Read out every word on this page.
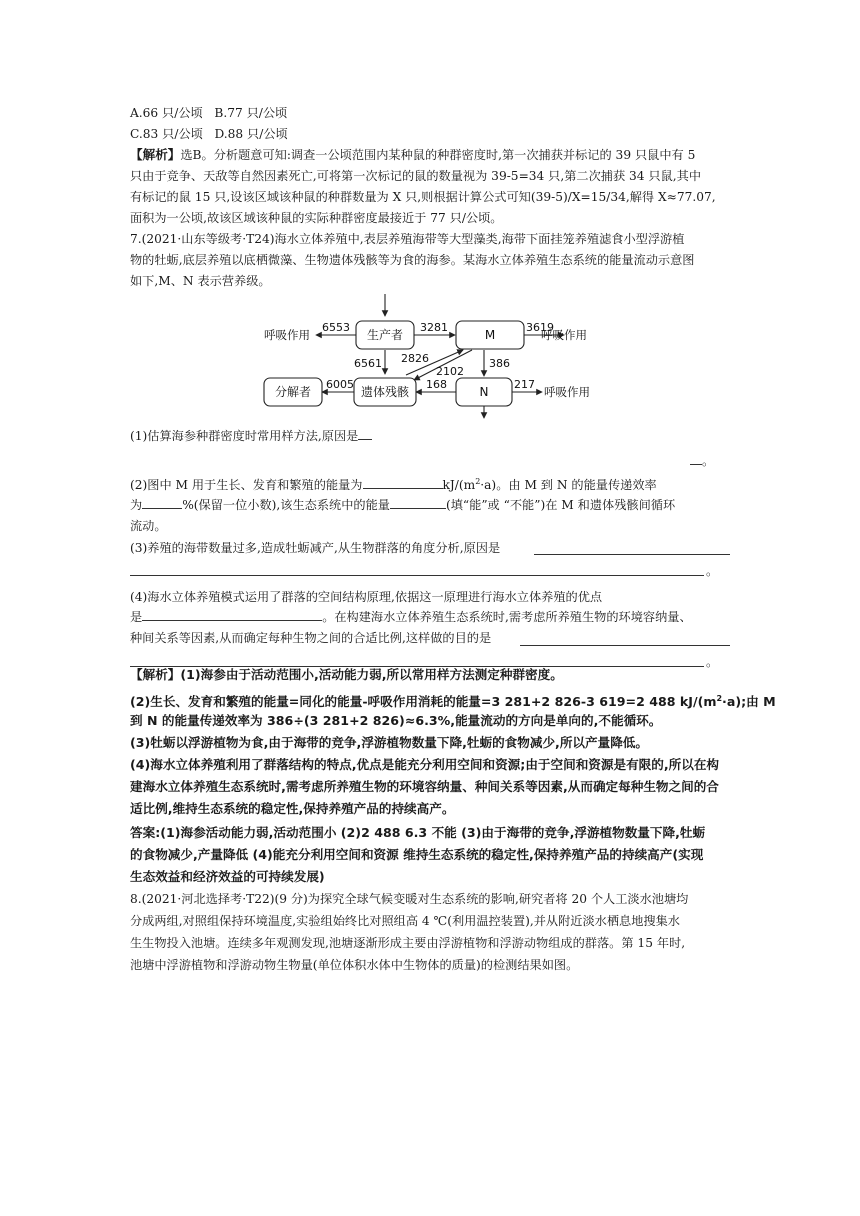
A.66 只/公顷 B.77 只/公顷
C.83 只/公顷 D.88 只/公顷
【解析】选B。分析题意可知:调查一公顷范围内某种鼠的种群密度时,第一次捕获并标记的 39 只鼠中有 5
只由于竞争、天敌等自然因素死亡,可将第一次标记的鼠的数量视为 39-5=34 只,第二次捕获 34 只鼠,其中
有标记的鼠 15 只,设该区域该种鼠的种群数量为 X 只,则根据计算公式可知(39-5)/X=15/34,解得 X≈77.07,
面积为一公顷,故该区域该种鼠的实际种群密度最接近于 77 只/公顷。
7.(2021·山东等级考·T24)海水立体养殖中,表层养殖海带等大型藻类,海带下面挂笼养殖滤食小型浮游植
物的牡蛎,底层养殖以底栖微藻、生物遗体残骸等为食的海参。某海水立体养殖生态系统的能量流动示意图
如下,M、N 表示营养级。
生产者	M
N
遗体残骸
分解者
呼吸作用	呼吸作用
呼吸作用
6553	3281	3619
6561 2826
2102
386
168	217
6005
(1)估算海参种群密度时常用样方法,原因是
。
(2)图中 M 用于生长、发育和繁殖的能量为	$kJ/(m^2\cdot a)$。由 M 到 N 的能量传递效率
为	%(保留一位小数),该生态系统中的能量	(填“能”或 “不能”)在 M 和遗体残骸间循环
流动。
(3)养殖的海带数量过多,造成牡蛎减产,从生物群落的角度分析,原因是
。
(4)海水立体养殖模式运用了群落的空间结构原理,依据这一原理进行海水立体养殖的优点
是	。在构建海水立体养殖生态系统时,需考虑所养殖生物的环境容纳量、
种间关系等因素,从而确定每种生物之间的合适比例,这样做的目的是
。
【解析】(1)海参由于活动范围小,活动能力弱,所以常用样方法测定种群密度。
(2)生长、发育和繁殖的能量=同化的能量-呼吸作用消耗的能量=3 281+2 826-3 619=2 488 $kJ/(m^2\cdot a)$;由 M
到 N 的能量传递效率为 386÷(3 281+2 826)≈6.3%,能量流动的方向是单向的,不能循环。
(3)牡蛎以浮游植物为食,由于海带的竞争,浮游植物数量下降,牡蛎的食物减少,所以产量降低。
(4)海水立体养殖利用了群落结构的特点,优点是能充分利用空间和资源;由于空间和资源是有限的,所以在构
建海水立体养殖生态系统时,需考虑所养殖生物的环境容纳量、种间关系等因素,从而确定每种生物之间的合
适比例,维持生态系统的稳定性,保持养殖产品的持续高产。
答案:(1)海参活动能力弱,活动范围小 (2)2 488 6.3 不能 (3)由于海带的竞争,浮游植物数量下降,牡蛎
的食物减少,产量降低 (4)能充分利用空间和资源 维持生态系统的稳定性,保持养殖产品的持续高产(实现
生态效益和经济效益的可持续发展)
8.(2021·河北选择考·T22)(9 分)为探究全球气候变暖对生态系统的影响,研究者将 20 个人工淡水池塘均
分成两组,对照组保持环境温度,实验组始终比对照组高 4 ℃(利用温控装置),并从附近淡水栖息地搜集水
生生物投入池塘。连续多年观测发现,池塘逐渐形成主要由浮游植物和浮游动物组成的群落。第 15 年时,
池塘中浮游植物和浮游动物生物量(单位体积水体中生物体的质量)的检测结果如图。
